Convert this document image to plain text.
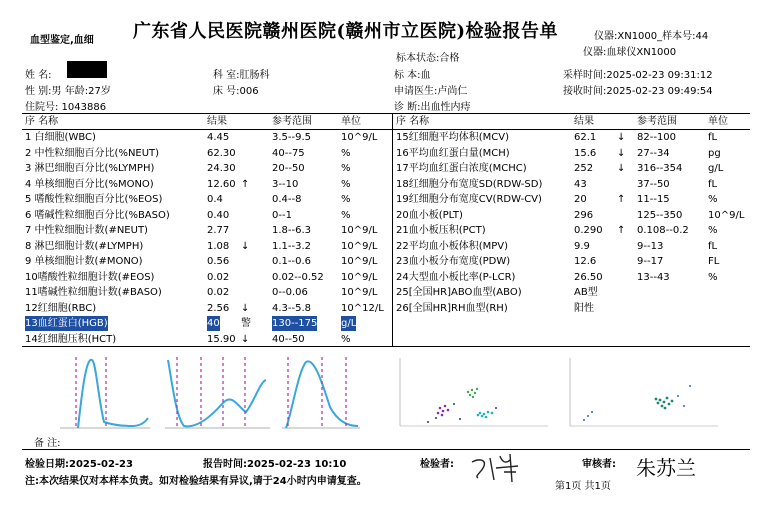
血型鉴定,血细 广东省人民医院赣州医院(赣州市立医院)检验报告单	仪器:XN1000_样本号:44
标本状态:合格
仪器:血球仪XN1000
姓 名:
性 别:男 年龄:27岁
住院号: 1043886
科 室:肛肠科
床 号:006
标 本:血
申请医生:卢尚仁
诊 断:出血性内痔
采样时间:2025-02-23 09:31:12
接收时间:2025-02-23 09:49:54
序 名称	结果	参考范围	单位	序 名称	结果	参考范围	单位
1 白细胞(WBC)	4.45	3.5--9.5	10^9/L
2 中性粒细胞百分比(%NEUT)	62.30	40--75	%
3 淋巴细胞百分比(%LYMPH)	24.30	20--50	%
4 单核细胞百分比(%MONO)	12.60 ↑ 3--10	%
5 嗜酸性粒细胞百分比(%EOS)	0.4	0.4--8	%
6 嗜碱性粒细胞百分比(%BASO)	0.40	0--1	%
7 中性粒细胞计数(#NEUT)	2.77	1.8--6.3	10^9/L
8 淋巴细胞计数(#LYMPH)	1.08 ↓ 1.1--3.2	10^9/L
9 单核细胞计数(#MONO)	0.56	0.1--0.6	10^9/L
10嗜酸性粒细胞计数(#EOS)	0.02	0.02--0.52 10^9/L
11嗜碱性粒细胞计数(#BASO)	0.02	0--0.06	10^9/L
12红细胞(RBC)	2.56 ↓ 4.3--5.8	10^12/L
13血红蛋白(HGB)	40 警 130--175 g/L
14红细胞压积(HCT)	15.90 ↓ 40--50	%
15红细胞平均体积(MCV)	62.1 ↓ 82--100	fL
16平均血红蛋白量(MCH)	15.6 ↓ 27--34	pg
17平均血红蛋白浓度(MCHC)	252 ↓ 316--354	g/L
18红细胞分布宽度SD(RDW-SD)	43	37--50	fL
19红细胞分布宽度CV(RDW-CV)	20	↑ 11--15	%
20血小板(PLT)	296	125--350	10^9/L
21血小板压积(PCT)	0.290 ↑ 0.108--0.2 %
22平均血小板体积(MPV)	9.9	9--13	fL
23血小板分布宽度(PDW)	12.6	9--17	FL
24大型血小板比率(P-LCR)	26.50	13--43	%
25[全国HR]ABO血型(ABO)	AB型
26[全国HR]RH血型(RH)	阳性
备 注:
检验日期:2025-02-23	报告时间:2025-02-23 10:10	检验者:	审核者: 朱苏兰
注:本次结果仅对本样本负责。如对检验结果有异议,请于24小时内申请复查。	第1页 共1页
